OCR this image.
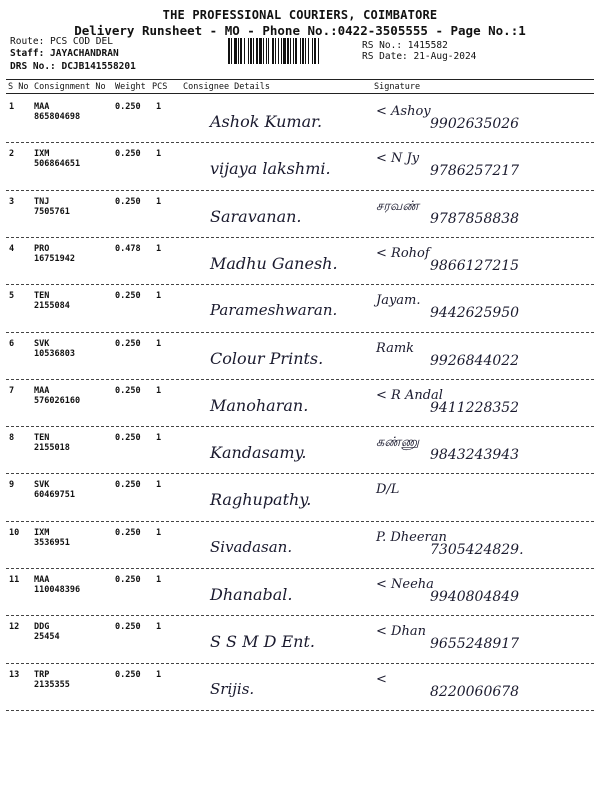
THE PROFESSIONAL COURIERS, COIMBATORE
Delivery Runsheet - MO - Phone No.:0422-3505555 - Page No.:1
Route: PCS COD DEL
Staff: JAYACHANDRAN
DRS No.: DCJB141558201
RS No.: 1415582
RS Date: 21-Aug-2024
S No Consignment No Weight PCS Consignee Details	Signature
1 MAA 865804698
0.250 1
Ashok Kumar.
< Ashoy
9902635026
2 IXM 506864651
0.250 1
vijaya lakshmi.
< N Jy
9786257217
3 TNJ 7505761
0.250 1
Saravanan.
சரவண்
9787858838
4 PRO 16751942
0.478 1
Madhu Ganesh.
< Rohof
9866127215
5 TEN 2155084
0.250 1
Parameshwaran.
Jayam.
9442625950
6 SVK 10536803
0.250 1
Colour Prints.
Ramk
9926844022
7 MAA 576026160
0.250 1
Manoharan.
< R Andal
9411228352
8 TEN 2155018
0.250 1
Kandasamy.
கண்ணு
9843243943
9 SVK 60469751
0.250 1
Raghupathy.
D/L
10 IXM 3536951
0.250 1
Sivadasan.
P. Dheeran
7305424829.
11 MAA 110048396
0.250 1
Dhanabal.
< Neeha
9940804849
12 DDG 25454
0.250 1
S S M D Ent.
< Dhan
9655248917
13 TRP 2135355
0.250 1
Srijis.
<
8220060678
